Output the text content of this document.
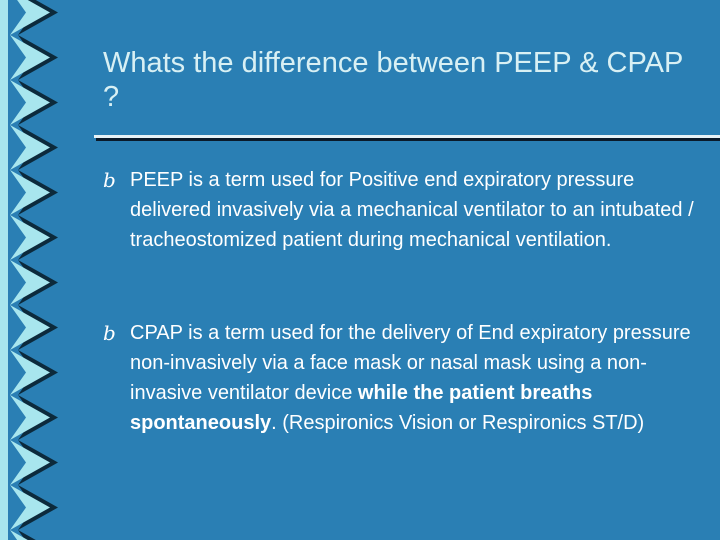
Whats the difference between PEEP & CPAP ?
b PEEP is a term used for Positive end expiratory pressure delivered invasively via a mechanical ventilator to an intubated / tracheostomized patient during mechanical ventilation.

b CPAP is a term used for the delivery of End expiratory pressure non-invasively via a face mask or nasal mask using a non-invasive ventilator device while the patient breaths spontaneously. (Respironics Vision or Respironics ST/D)
